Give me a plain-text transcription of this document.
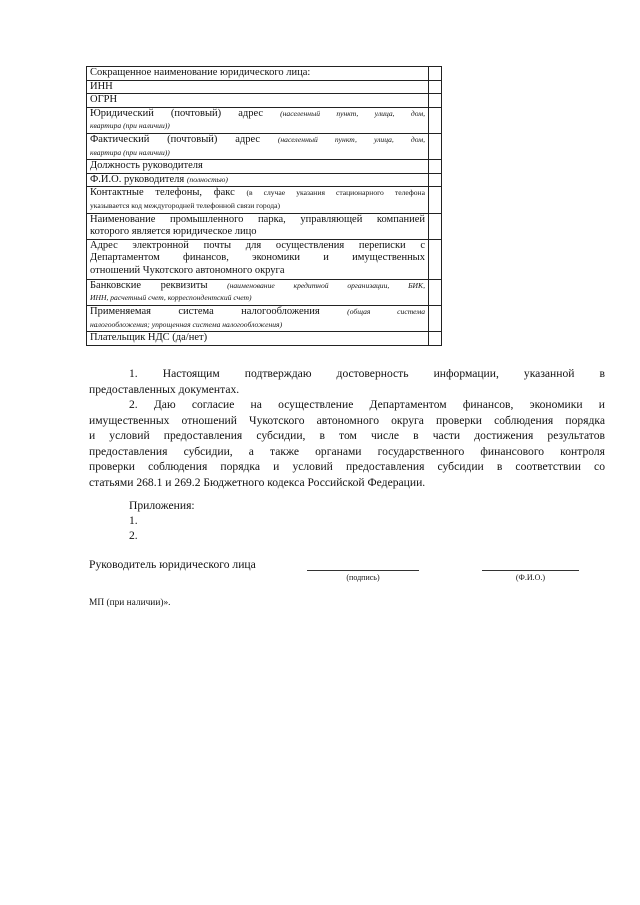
Сокращенное наименование юридического лица:	
ИНН	
ОГРН	

Юридический (почтовый) адрес (населенный пункт, улица, дом,
квартира (при наличии))	

Фактический (почтовый) адрес (населенный пункт, улица, дом,
квартира (при наличии))	

Должность руководителя	
Ф.И.О. руководителя (полностью)	

Контактные телефоны, факс (в случае указания стационарного телефона
указывается код междугородней телефонной связи города)	

Наименование промышленного парка, управляющей компанией
которого является юридическое лицо	

Адрес электронной почты для осуществления переписки с
Департаментом финансов, экономики и имущественных
отношений Чукотского автономного округа	

Банковские реквизиты (наименование кредитной организации, БИК,
ИНН, расчетный счет, корреспондентский счет)	

Применяемая система налогообложения (общая система
налогообложения; упрощенная система налогообложения)	

Плательщик НДС (да/нет)	
1. Настоящим подтверждаю достоверность информации, указанной в
предоставленных документах.
2. Даю согласие на осуществление Департаментом финансов, экономики и
имущественных отношений Чукотского автономного округа проверки соблюдения порядка
и условий предоставления субсидии, в том числе в части достижения результатов
предоставления субсидии, а также органами государственного финансового контроля
проверки соблюдения порядка и условий предоставления субсидии в соответствии со
статьями 268.1 и 269.2 Бюджетного кодекса Российской Федерации.
Приложения:
1.
2.
Руководитель юридического лица
(подпись)	(Ф.И.О.)
МП (при наличии)».
